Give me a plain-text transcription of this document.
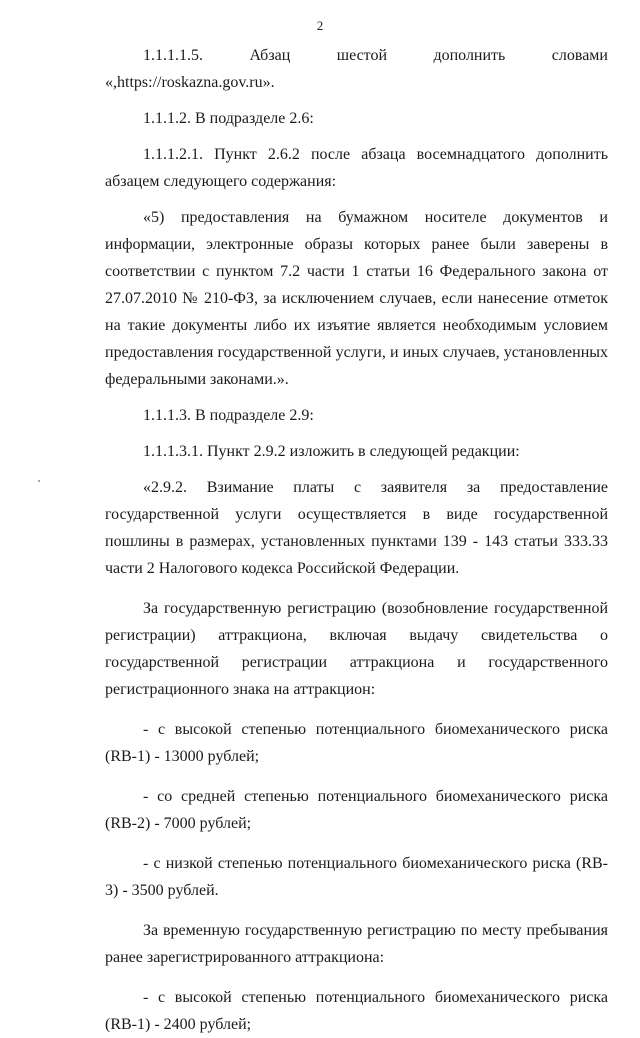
2

1.1.1.1.5. Абзац шестой дополнить словами «,https://roskazna.gov.ru».

1.1.1.2. В подразделе 2.6:

1.1.1.2.1. Пункт 2.6.2 после абзаца восемнадцатого дополнить абзацем следующего содержания:

«5) предоставления на бумажном носителе документов и информации, электронные образы которых ранее были заверены в соответствии с пунктом 7.2 части 1 статьи 16 Федерального закона от 27.07.2010 № 210-ФЗ, за исключением случаев, если нанесение отметок на такие документы либо их изъятие является необходимым условием предоставления государственной услуги, и иных случаев, установленных федеральными законами.».

1.1.1.3. В подразделе 2.9:

1.1.1.3.1. Пункт 2.9.2 изложить в следующей редакции:

«2.9.2. Взимание платы с заявителя за предоставление государственной услуги осуществляется в виде государственной пошлины в размерах, установленных пунктами 139 - 143 статьи 333.33 части 2 Налогового кодекса Российской Федерации.

За государственную регистрацию (возобновление государственной регистрации) аттракциона, включая выдачу свидетельства о государственной регистрации аттракциона и государственного регистрационного знака на аттракцион:

- с высокой степенью потенциального биомеханического риска (RB-1) - 13000 рублей;

- со средней степенью потенциального биомеханического риска (RB-2) - 7000 рублей;

- с низкой степенью потенциального биомеханического риска (RB-3) - 3500 рублей.

За временную государственную регистрацию по месту пребывания ранее зарегистрированного аттракциона:

- с высокой степенью потенциального биомеханического риска (RB-1) - 2400 рублей;
